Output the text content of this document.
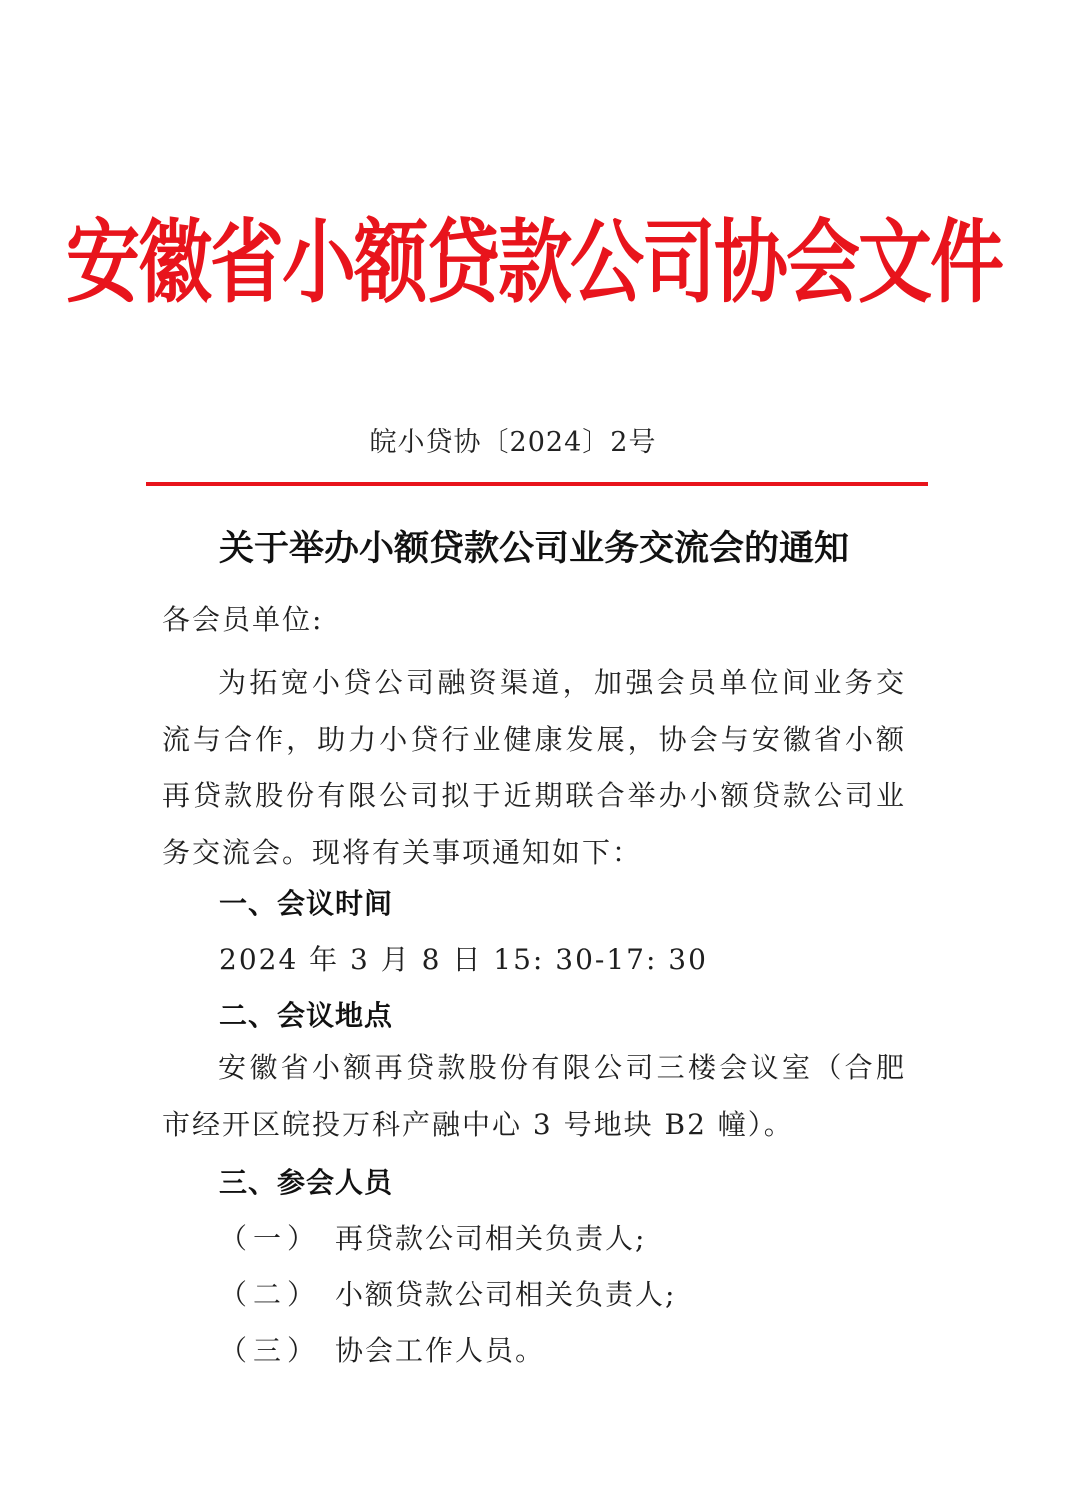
安徽省小额贷款公司协会文件
皖小贷协〔2024〕2号
关于举办小额贷款公司业务交流会的通知
各会员单位:
为拓宽小贷公司融资渠道，加强会员单位间业务交流与合作，助力小贷行业健康发展，协会与安徽省小额再贷款股份有限公司拟于近期联合举办小额贷款公司业务交流会。现将有关事项通知如下：
一、会议时间
2024 年 3 月 8 日 15: 30-17: 30
二、会议地点
安徽省小额再贷款股份有限公司三楼会议室（合肥市经开区皖投万科产融中心 3 号地块 B2 幢）。
三、参会人员
（一） 再贷款公司相关负责人;
（二） 小额贷款公司相关负责人;
（三） 协会工作人员。
